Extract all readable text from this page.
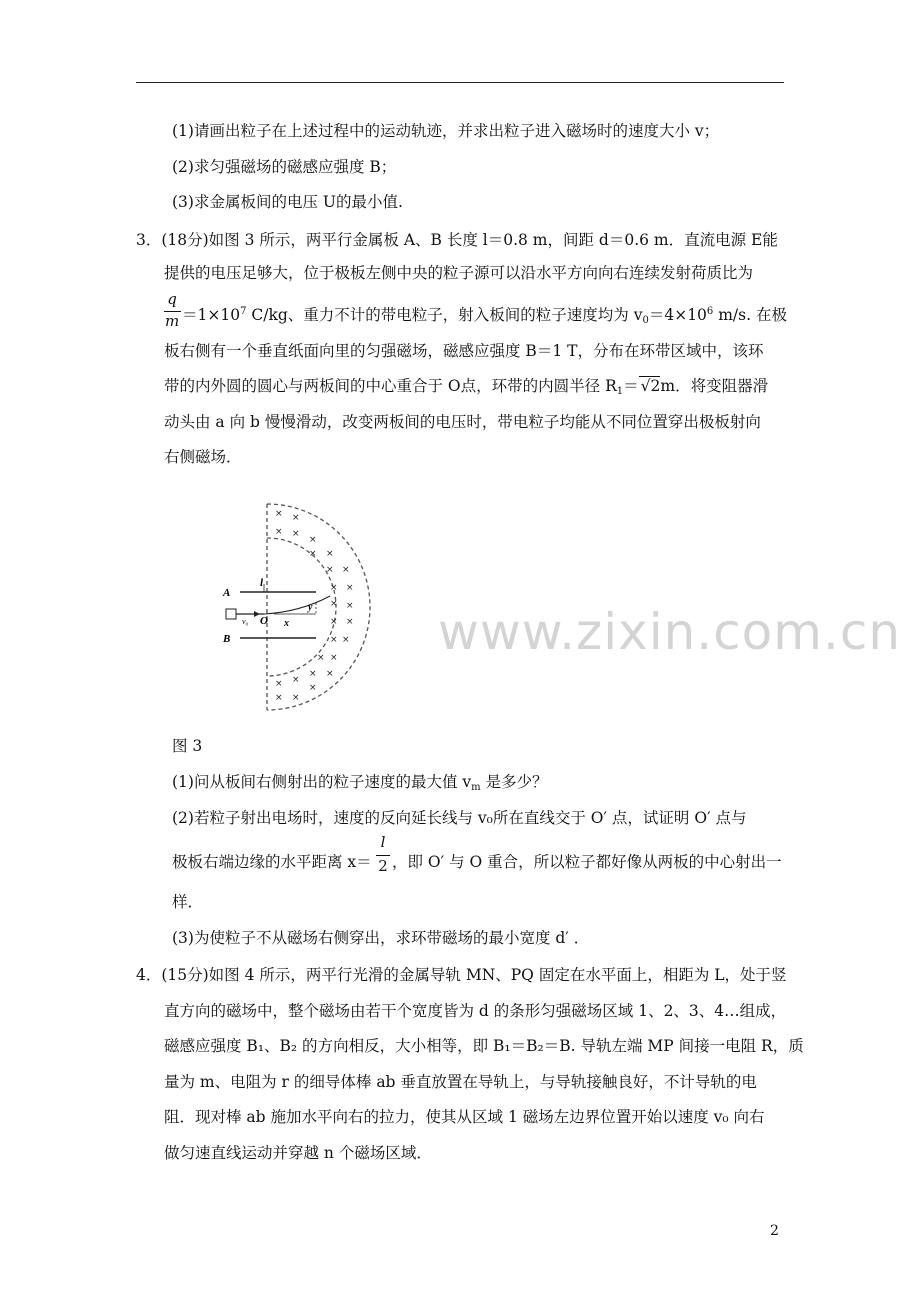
(1)请画出粒子在上述过程中的运动轨迹，并求出粒子进入磁场时的速度大小 v；
(2)求匀强磁场的磁感应强度 B；
(3)求金属板间的电压 U的最小值.
3．(18分)如图 3 所示，两平行金属板 A、B 长度 l＝0.8 m，间距 d＝0.6 m．直流电源 E能
提供的电压足够大，位于极板左侧中央的粒子源可以沿水平方向向右连续发射荷质比为
q
$m =1\times 10^7$ C/kg、重力不计的带电粒子，射入板间的粒子速度均为 $v_0=4\times 10^6$ m/s. 在极
板右侧有一个垂直纸面向里的匀强磁场，磁感应强度 B＝1 T，分布在环带区域中，该环
带的内外圆的圆心与两板间的中心重合于 O点，环带的内圆半径 $R_1= √2m$．将变阻器滑
动头由 a 向 b 慢慢滑动，改变两板间的电压时，带电粒子均能从不同位置穿出极板射向
右侧磁场．
A
B
l
O x
y
v₀
× ×
× ×
×
× ×
× ×
× ×
× ×
× ×
× ×
× ×
× ×
×
×
×
× ×
www.zixin.com.cn
图 3
(1)问从板间右侧射出的粒子速度的最大值 $v_m$ 是多少？
(2)若粒子射出电场时，速度的反向延长线与 v₀所在直线交于 O′ 点，试证明 O′ 点与
极板右端边缘的水平距离 x＝
l
2 ，即 O′ 与 O 重合，所以粒子都好像从两板的中心射出一
样．
(3)为使粒子不从磁场右侧穿出，求环带磁场的最小宽度 d′ ．
4．(15分)如图 4 所示，两平行光滑的金属导轨 MN、PQ 固定在水平面上，相距为 L，处于竖
直方向的磁场中，整个磁场由若干个宽度皆为 d 的条形匀强磁场区域 1、2、3、4…组成，
磁感应强度 B₁、B₂ 的方向相反，大小相等，即 B₁＝B₂＝B. 导轨左端 MP 间接一电阻 R，质
量为 m、电阻为 r 的细导体棒 ab 垂直放置在导轨上，与导轨接触良好，不计导轨的电
阻．现对棒 ab 施加水平向右的拉力，使其从区域 1 磁场左边界位置开始以速度 v₀ 向右
做匀速直线运动并穿越 n 个磁场区域．
2
